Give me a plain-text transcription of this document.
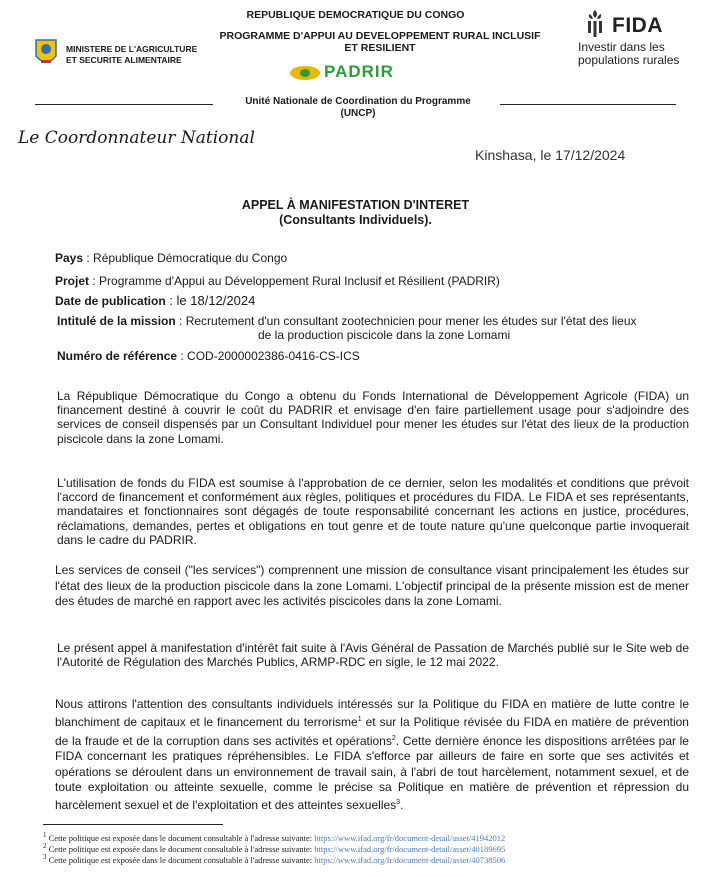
REPUBLIQUE DEMOCRATIQUE DU CONGO
PROGRAMME D'APPUI AU DEVELOPPEMENT RURAL INCLUSIF
ET RESILIENT
PADRIR
MINISTERE DE L'AGRICULTURE
ET SECURITE ALIMENTAIRE
FIDA
Investir dans les
populations rurales
Unité Nationale de Coordination du Programme
(UNCP)
Le Coordonnateur National
Kinshasa, le 17/12/2024
APPEL À MANIFESTATION D'INTERET
(Consultants Individuels).
Pays : République Démocratique du Congo
Projet : Programme d'Appui au Développement Rural Inclusif et Résilient (PADRIR)
Date de publication : le 18/12/2024
Intitulé de la mission : Recrutement d'un consultant zootechnicien pour mener les études sur l'état des lieux
de la production piscicole dans la zone Lomami
Numéro de référence : COD-2000002386-0416-CS-ICS
La République Démocratique du Congo a obtenu du Fonds International de Développement Agricole (FIDA) un financement destiné à couvrir le coût du PADRIR et envisage d'en faire partiellement usage pour s'adjoindre des services de conseil dispensés par un Consultant Individuel pour mener les études sur l'état des lieux de la production piscicole dans la zone Lomami.
L'utilisation de fonds du FIDA est soumise à l'approbation de ce dernier, selon les modalités et conditions que prévoit l'accord de financement et conformément aux règles, politiques et procédures du FIDA. Le FIDA et ses représentants, mandataires et fonctionnaires sont dégagés de toute responsabilité concernant les actions en justice, procédures, réclamations, demandes, pertes et obligations en tout genre et de toute nature qu'une quelconque partie invoquerait dans le cadre du PADRIR.
Les services de conseil ("les services") comprennent une mission de consultance visant principalement les études sur l'état des lieux de la production piscicole dans la zone Lomami. L'objectif principal de la présente mission est de mener des études de marché en rapport avec les activités piscicoles dans la zone Lomami.
Le présent appel à manifestation d'intérêt fait suite à l'Avis Général de Passation de Marchés publié sur le Site web de l'Autorité de Régulation des Marchés Publics, ARMP-RDC en sigle, le 12 mai 2022.
Nous attirons l'attention des consultants individuels intéressés sur la Politique du FIDA en matière de lutte contre le blanchiment de capitaux et le financement du terrorisme$^1$ et sur la Politique révisée du FIDA en matière de prévention de la fraude et de la corruption dans ses activités et opérations$^2$. Cette dernière énonce les dispositions arrêtées par le FIDA concernant les pratiques répréhensibles. Le FIDA s'efforce par ailleurs de faire en sorte que ses activités et opérations se déroulent dans un environnement de travail sain, à l'abri de tout harcèlement, notamment sexuel, et de toute exploitation ou atteinte sexuelle, comme le précise sa Politique en matière de prévention et répression du harcèlement sexuel et de l'exploitation et des atteintes sexuelles$^3$.
$^1$ Cette politique est exposée dans le document consultable à l'adresse suivante: https://www.ifad.org/fr/document-detail/asset/41942012
$^2$ Cette politique est exposée dans le document consultable à l'adresse suivante: https://www.ifad.org/fr/document-detail/asset/40189695
$^3$ Cette politique est exposée dans le document consultable à l'adresse suivante: https://www.ifad.org/fr/document-detail/asset/40738506
